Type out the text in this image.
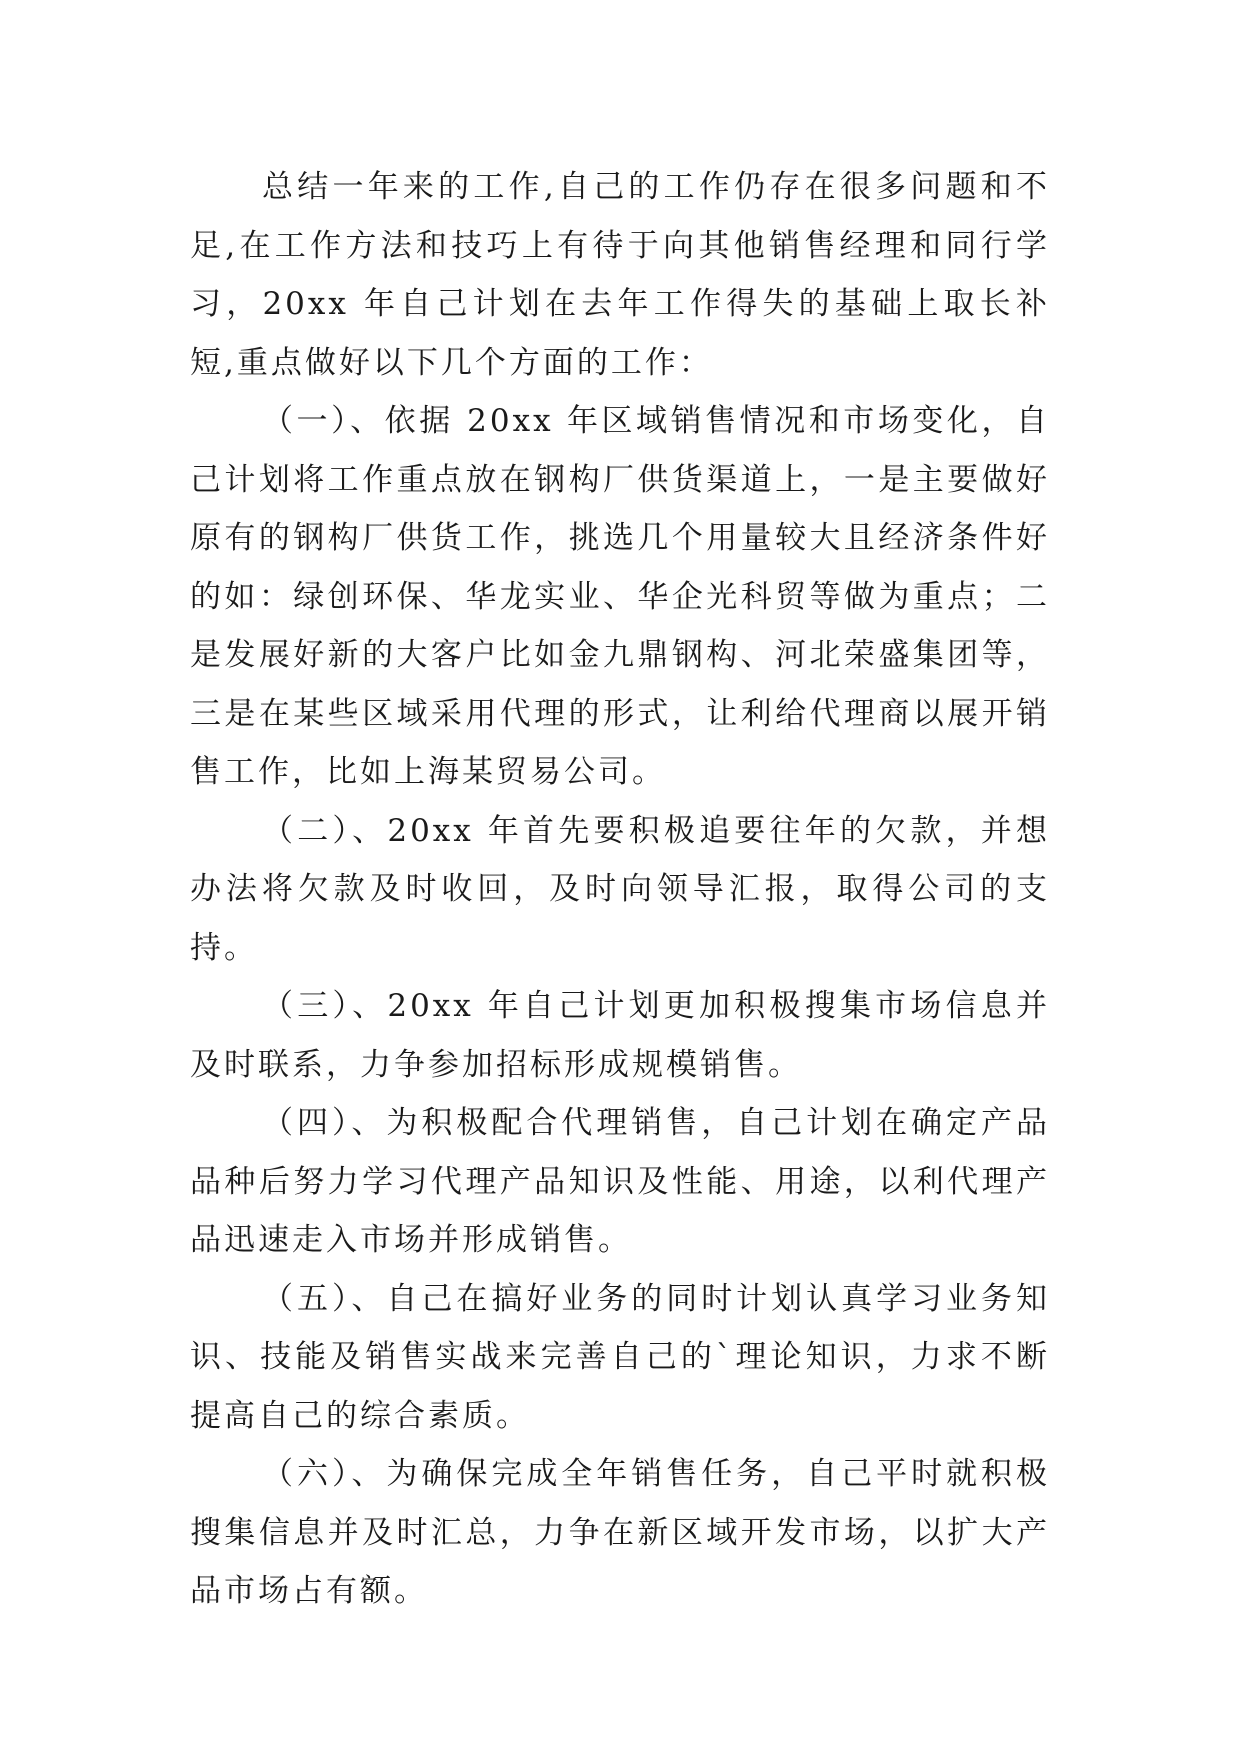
总结一年来的工作,自己的工作仍存在很多问题和不足,在工作方法和技巧上有待于向其他销售经理和同行学习，20xx 年自己计划在去年工作得失的基础上取长补短,重点做好以下几个方面的工作：

（一）、依据 20xx 年区域销售情况和市场变化，自己计划将工作重点放在钢构厂供货渠道上，一是主要做好原有的钢构厂供货工作，挑选几个用量较大且经济条件好的如：绿创环保、华龙实业、华企光科贸等做为重点；二是发展好新的大客户比如金九鼎钢构、河北荣盛集团等，三是在某些区域采用代理的形式，让利给代理商以展开销售工作，比如上海某贸易公司。

（二）、20xx 年首先要积极追要往年的欠款，并想办法将欠款及时收回，及时向领导汇报，取得公司的支持。

（三）、20xx 年自己计划更加积极搜集市场信息并及时联系，力争参加招标形成规模销售。

（四）、为积极配合代理销售，自己计划在确定产品品种后努力学习代理产品知识及性能、用途，以利代理产品迅速走入市场并形成销售。

（五）、自己在搞好业务的同时计划认真学习业务知识、技能及销售实战来完善自己的`理论知识，力求不断提高自己的综合素质。

（六）、为确保完成全年销售任务，自己平时就积极搜集信息并及时汇总，力争在新区域开发市场，以扩大产品市场占有额。
